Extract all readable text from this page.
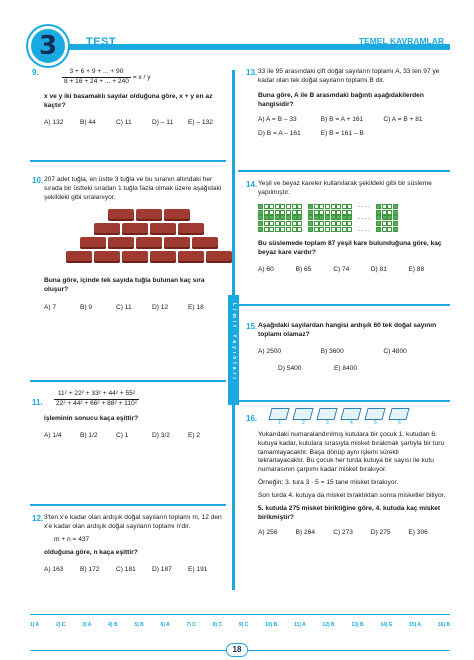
3	TEST	TEMEL KAVRAMLAR
Limit Yayınları
9.	$\frac{3 + 6 + 9 + ... + 90}{8 + 16 + 24 + ... + 240} = x / y$
x ve y iki basamaklı sayılar olduğuna göre, x + y en az kaçtır?
A) 132	B) 44	C) 11	D) – 11	E) – 132
10. 207 adet tuğla, en üstte 3 tuğla ve bu sıranın altındaki her sırada bir üstteki sıradan 1 tuğla fazla olmak üzere aşağıdaki şekildeki gibi sıralanıyor.
Buna göre, içinde tek sayıda tuğla bulunan kaç sıra oluşur?
A) 7	B) 9	C) 11	D) 12	E) 18
11. $\frac{\text{11² + 22² + 33² + 44² + 55²}}{\text{22² + 44² + 66² + 88² + 110²}}$
işleminin sonucu kaça eşittir?
A) 1/4	B) 1/2	C) 1	D) 3/2	E) 2
12. 3'ten x'e kadar olan ardışık doğal sayıların toplamı m, 12 den x'e kadar olan ardışık doğal sayıların toplamı n'dir.
m + n = 437
olduğuna göre, n kaça eşittir?
A) 163	B) 172	C) 181	D) 187	E) 191
13. 33 ile 95 arasındaki çift doğal sayıların toplamı A, 33 ten 97 ye kadar olan tek doğal sayıların toplamı B dir.
Buna göre, A ile B arasındaki bağıntı aşağıdakilerden hangisidir?
A) A = B – 33	B) B = A + 161	C) A = B + 81
D) B = A – 161	E) B = 161 – B
14. Yeşil ve beyaz kareler kullanılarak şekildeki gibi bir süsleme yapılmıştır.
. . . .
. . . .
. . . .
Bu süslemede toplam 87 yeşil kare bulunduğuna göre, kaç beyaz kare vardır?
A) 60	B) 65	C) 74	D) 81	E) 88
15. Aşağıdaki sayılardan hangisi ardışık 60 tek doğal sayının toplamı olamaz?
A) 2500	B) 3600	C) 4800
D) 5400	E) 8400
16.	1	2	3	4	5	6
Yukarıdaki numaralandırılmış kutulara bir çocuk 1. kutudan 6. kutuya kadar, kutulara sırasıyla misket bırakmak şartıyla bir turu tamamlayacaktır. Başa dönüp aynı işlemi sürekli tekrarlayacaktır. Bu çocuk her turda kutuya bir sayısı ile kutu numarasının çarpımı kadar misket bırakıyor.
Örneğin; 3. tura 3 · 5 = 15 tane misket bırakıyor.
Son turda 4. kutuya da misket bıraktıktan sonra misketler bitiyor.
5. kutuda 275 misket biriktiğine göre, 4. kutuda kaç misket birikmiştir?
A) 256	B) 264	C) 273	D) 275	E) 306
1) A	2) C	3) A	4) B	5) B	6) A	7) C	8) C	9) C	10) B	11) A	12) B	13) B	14) E	15) A	16) B
18
